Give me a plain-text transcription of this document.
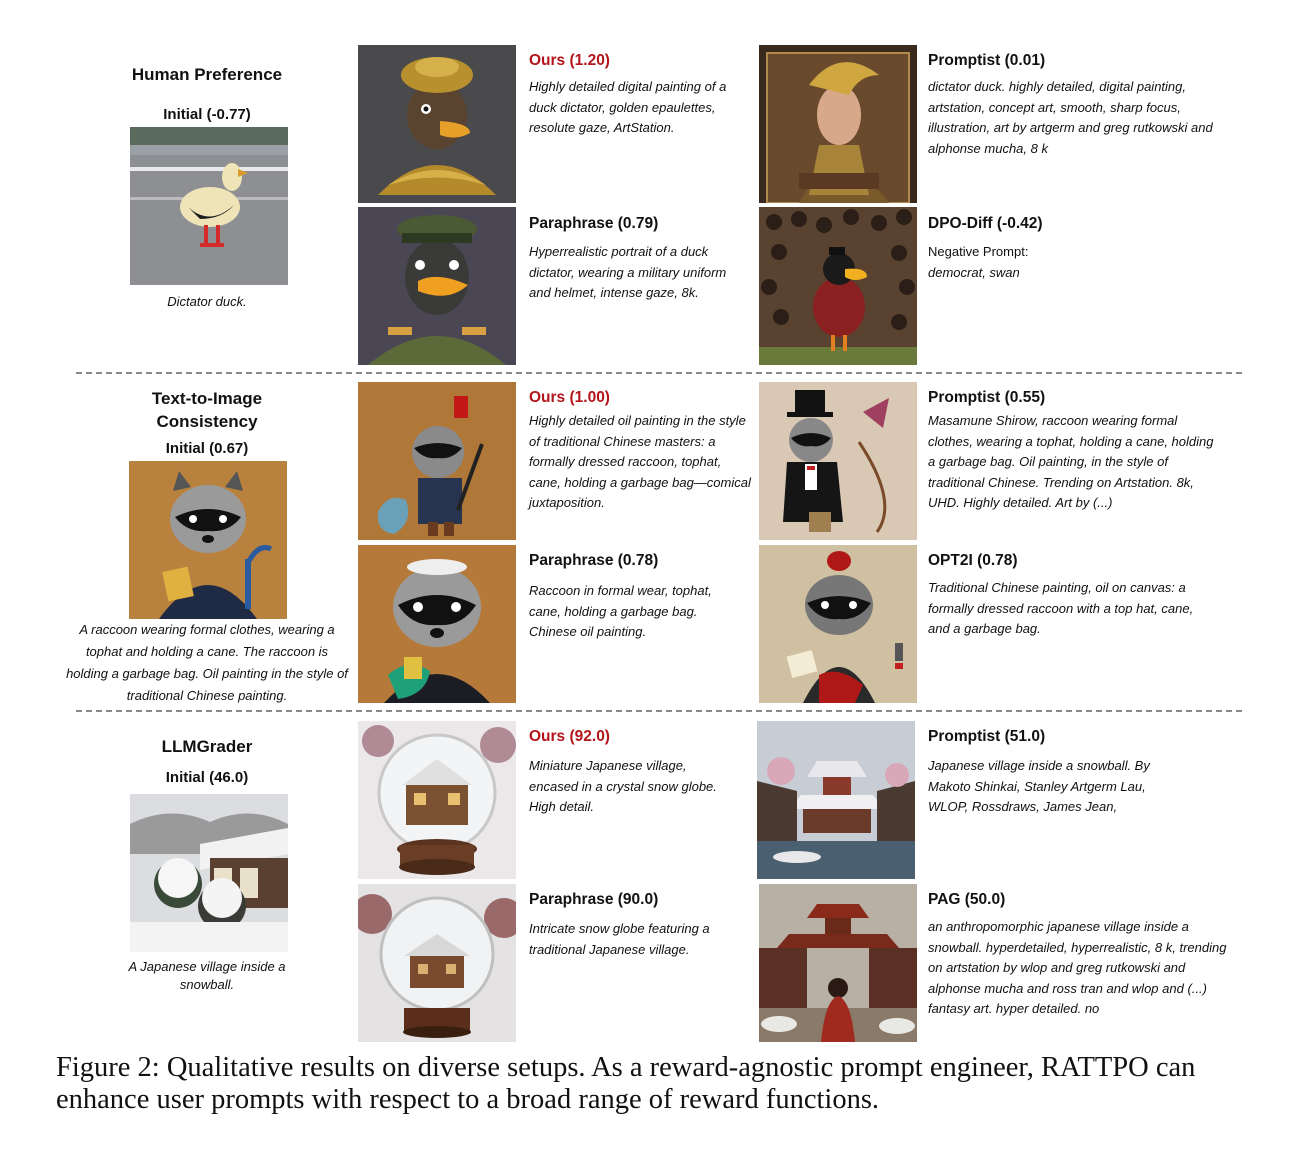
Human Preference
Initial (-0.77)
Dictator duck.
Ours (1.20)
Highly detailed digital painting of a duck dictator, golden epaulettes, resolute gaze, ArtStation.
Promptist (0.01)
dictator duck. highly detailed, digital painting, artstation, concept art, smooth, sharp focus, illustration, art by artgerm and greg rutkowski and alphonse mucha, 8 k
Paraphrase (0.79)
Hyperrealistic portrait of a duck dictator, wearing a military uniform and helmet, intense gaze, 8k.
DPO-Diff (-0.42)
Negative Prompt:
democrat, swan
Text-to-Image Consistency
Initial (0.67)
A raccoon wearing formal clothes, wearing a tophat and holding a cane. The raccoon is holding a garbage bag. Oil painting in the style of traditional Chinese painting.
Ours (1.00)
Highly detailed oil painting in the style of traditional Chinese masters: a formally dressed raccoon, tophat, cane, holding a garbage bag—comical juxtaposition.
Promptist (0.55)
Masamune Shirow, raccoon wearing formal clothes, wearing a tophat, holding a cane, holding a garbage bag. Oil painting, in the style of traditional Chinese. Trending on Artstation. 8k, UHD. Highly detailed. Art by (...)
Paraphrase (0.78)
Raccoon in formal wear, tophat, cane, holding a garbage bag. Chinese oil painting.
OPT2I (0.78)
Traditional Chinese painting, oil on canvas: a formally dressed raccoon with a top hat, cane, and a garbage bag.
LLMGrader
Initial (46.0)
A Japanese village inside a snowball.
Ours (92.0)
Miniature Japanese village, encased in a crystal snow globe. High detail.
Promptist (51.0)
Japanese village inside a snowball. By Makoto Shinkai, Stanley Artgerm Lau, WLOP, Rossdraws, James Jean,
Paraphrase (90.0)
Intricate snow globe featuring a traditional Japanese village.
PAG (50.0)
an anthropomorphic japanese village inside a snowball. hyperdetailed, hyperrealistic, 8 k, trending on artstation by wlop and greg rutkowski and alphonse mucha and ross tran and wlop and (...) fantasy art. hyper detailed. no
Figure 2: Qualitative results on diverse setups. As a reward-agnostic prompt engineer, RATTPO can enhance user prompts with respect to a broad range of reward functions.
